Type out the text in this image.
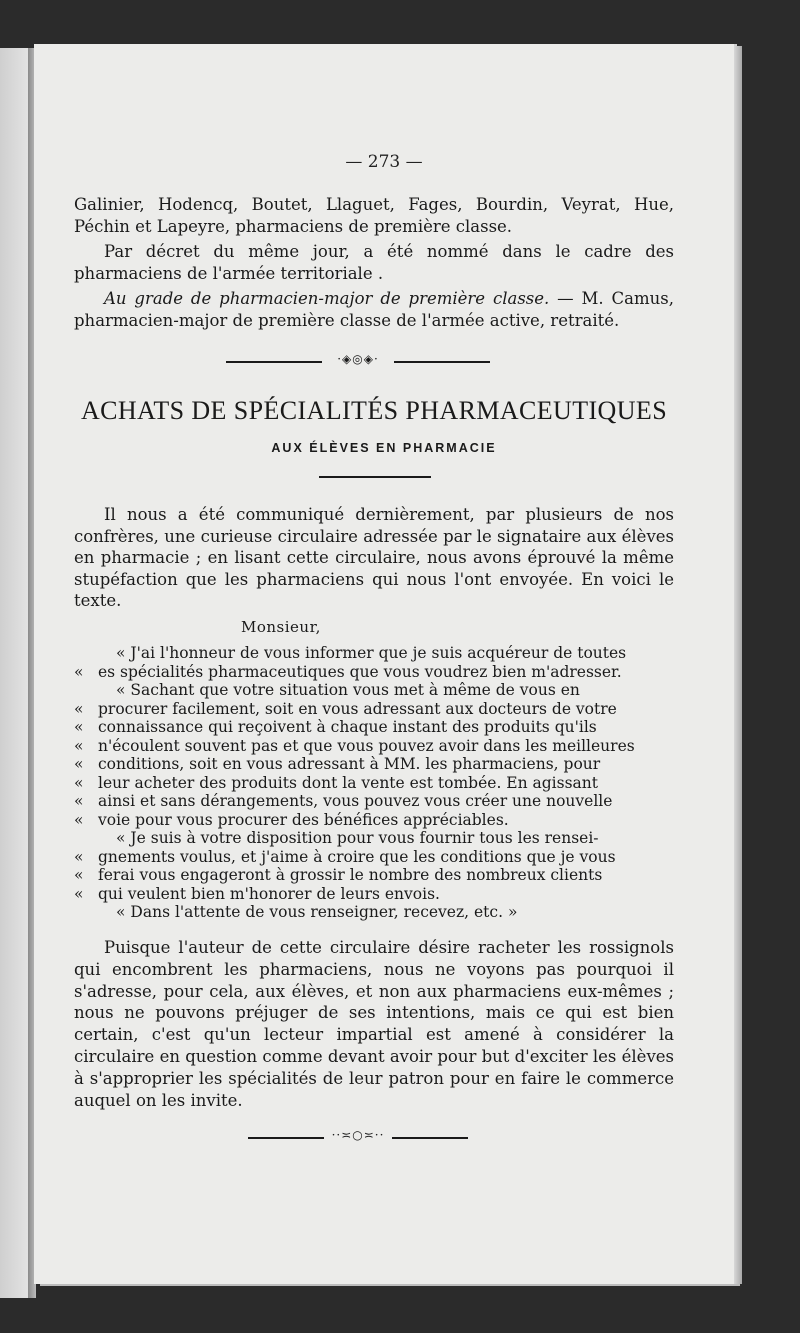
— 273 —

Galinier, Hodencq, Boutet, Llaguet, Fages, Bourdin, Veyrat, Hue, Péchin et Lapeyre, pharmaciens de première classe.

Par décret du même jour, a été nommé dans le cadre des pharmaciens de l'armée territoriale .

Au grade de pharmacien-major de première classe. — M. Camus, pharmacien-major de première classe de l'armée active, retraité.

·◈◎◈·
ACHATS DE SPÉCIALITÉS PHARMACEUTIQUES
AUX ÉLÈVES EN PHARMACIE

Il nous a été communiqué dernièrement, par plusieurs de nos confrères, une curieuse circulaire adressée par le signataire aux élèves en pharmacie ; en lisant cette circulaire, nous avons éprouvé la même stupéfaction que les pharmaciens qui nous l'ont envoyée. En voici le texte.

Monsieur,
« J'ai l'honneur de vous informer que je suis acquéreur de toutes
« es spécialités pharmaceutiques que vous voudrez bien m'adresser.
« Sachant que votre situation vous met à même de vous en
« procurer facilement, soit en vous adressant aux docteurs de votre
« connaissance qui reçoivent à chaque instant des produits qu'ils
« n'écoulent souvent pas et que vous pouvez avoir dans les meilleures
« conditions, soit en vous adressant à MM. les pharmaciens, pour
« leur acheter des produits dont la vente est tombée. En agissant
« ainsi et sans dérangements, vous pouvez vous créer une nouvelle
« voie pour vous procurer des bénéfices appréciables.
« Je suis à votre disposition pour vous fournir tous les rensei-
« gnements voulus, et j'aime à croire que les conditions que je vous
« ferai vous engageront à grossir le nombre des nombreux clients
« qui veulent bien m'honorer de leurs envois.
« Dans l'attente de vous renseigner, recevez, etc. »

Puisque l'auteur de cette circulaire désire racheter les rossignols qui encombrent les pharmaciens, nous ne voyons pas pourquoi il s'adresse, pour cela, aux élèves, et non aux pharmaciens eux-mêmes ; nous ne pouvons préjuger de ses intentions, mais ce qui est bien certain, c'est qu'un lecteur impartial est amené à considérer la circulaire en question comme devant avoir pour but d'exciter les élèves à s'approprier les spécialités de leur patron pour en faire le commerce auquel on les invite.

··≍○≍··
